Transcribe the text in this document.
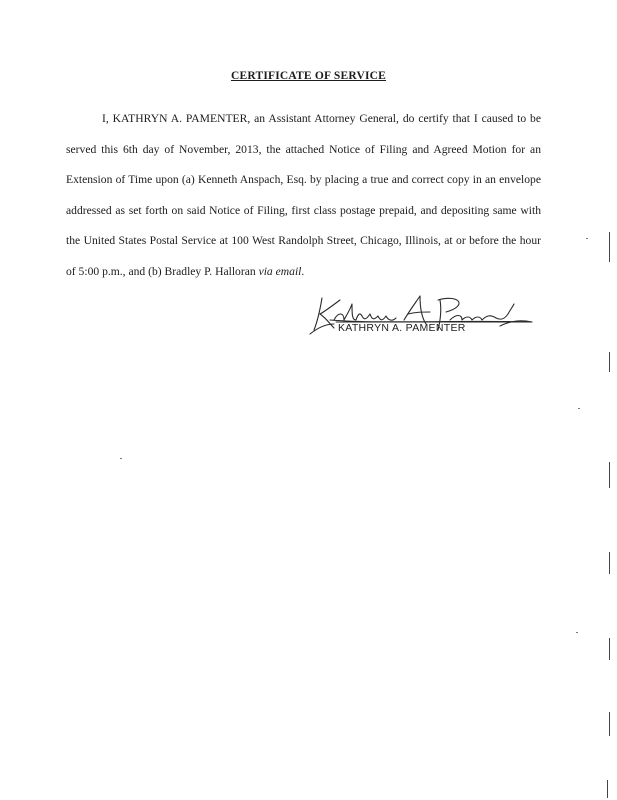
CERTIFICATE OF SERVICE
I, KATHRYN A. PAMENTER, an Assistant Attorney General, do certify that I caused to be served this 6th day of November, 2013, the attached Notice of Filing and Agreed Motion for an Extension of Time upon (a) Kenneth Anspach, Esq. by placing a true and correct copy in an envelope addressed as set forth on said Notice of Filing, first class postage prepaid, and depositing same with the United States Postal Service at 100 West Randolph Street, Chicago, Illinois, at or before the hour of 5:00 p.m., and (b) Bradley P. Halloran via email.
KATHRYN A. PAMENTER
